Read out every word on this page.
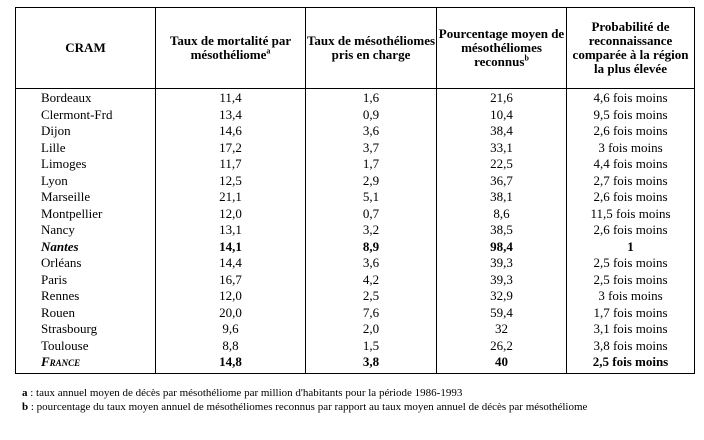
CRAM	Taux de mortalité par mésothéliome$^a$	Taux de mésothéliomes pris en charge	Pourcentage moyen de mésothéliomes reconnus$^b$	Probabilité de reconnaissance comparée à la région la plus élevée
Bordeaux	11,4	1,6	21,6	4,6 fois moins
Clermont-Frd	13,4	0,9	10,4	9,5 fois moins
Dijon	14,6	3,6	38,4	2,6 fois moins
Lille	17,2	3,7	33,1	3 fois moins
Limoges	11,7	1,7	22,5	4,4 fois moins
Lyon	12,5	2,9	36,7	2,7 fois moins
Marseille	21,1	5,1	38,1	2,6 fois moins
Montpellier	12,0	0,7	8,6	11,5 fois moins
Nancy	13,1	3,2	38,5	2,6 fois moins
Nantes	14,1	8,9	98,4	1
Orléans	14,4	3,6	39,3	2,5 fois moins
Paris	16,7	4,2	39,3	2,5 fois moins
Rennes	12,0	2,5	32,9	3 fois moins
Rouen	20,0	7,6	59,4	1,7 fois moins
Strasbourg	9,6	2,0	32	3,1 fois moins
Toulouse	8,8	1,5	26,2	3,8 fois moins
France	14,8	3,8	40	2,5 fois moins

a : taux annuel moyen de décès par mésothéliome par million d'habitants pour la période 1986-1993

b : pourcentage du taux moyen annuel de mésothéliomes reconnus par rapport au taux moyen annuel de décès par mésothéliome
